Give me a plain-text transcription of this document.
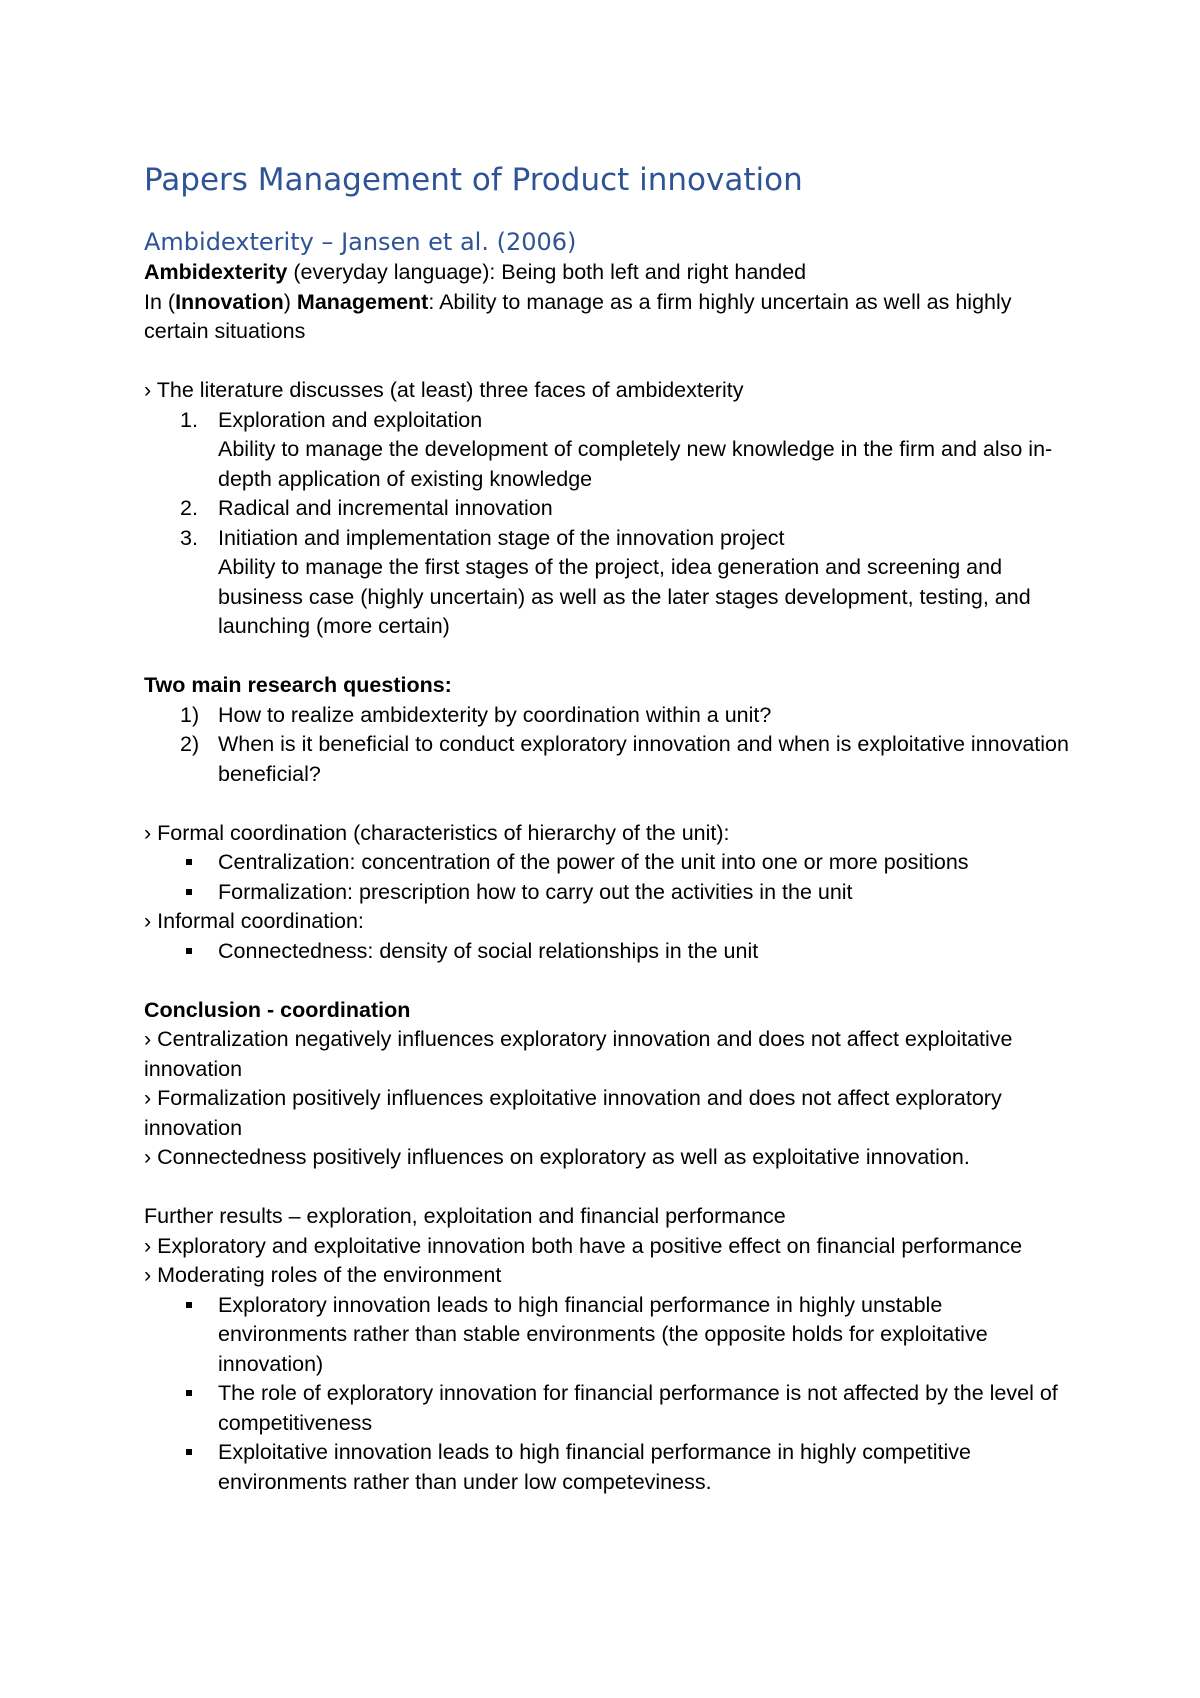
Papers Management of Product innovation
Ambidexterity – Jansen et al. (2006)

Ambidexterity (everyday language): Being both left and right handed

In (Innovation) Management: Ability to manage as a firm highly uncertain as well as highly certain situations

› The literature discusses (at least) three faces of ambidexterity

1. Exploration and exploitation
Ability to manage the development of completely new knowledge in the firm and also in-depth application of existing knowledge
2. Radical and incremental innovation
3. Initiation and implementation stage of the innovation project
Ability to manage the first stages of the project, idea generation and screening and business case (highly uncertain) as well as the later stages development, testing, and launching (more certain)

Two main research questions:

1) How to realize ambidexterity by coordination within a unit?
2) When is it beneficial to conduct exploratory innovation and when is exploitative innovation beneficial?

› Formal coordination (characteristics of hierarchy of the unit):

Centralization: concentration of the power of the unit into one or more positions
Formalization: prescription how to carry out the activities in the unit

› Informal coordination:

Connectedness: density of social relationships in the unit

Conclusion - coordination

› Centralization negatively influences exploratory innovation and does not affect exploitative innovation

› Formalization positively influences exploitative innovation and does not affect exploratory innovation

› Connectedness positively influences on exploratory as well as exploitative innovation.

Further results – exploration, exploitation and financial performance

› Exploratory and exploitative innovation both have a positive effect on financial performance

› Moderating roles of the environment

Exploratory innovation leads to high financial performance in highly unstable environments rather than stable environments (the opposite holds for exploitative innovation)
The role of exploratory innovation for financial performance is not affected by the level of competitiveness
Exploitative innovation leads to high financial performance in highly competitive environments rather than under low competeviness.
